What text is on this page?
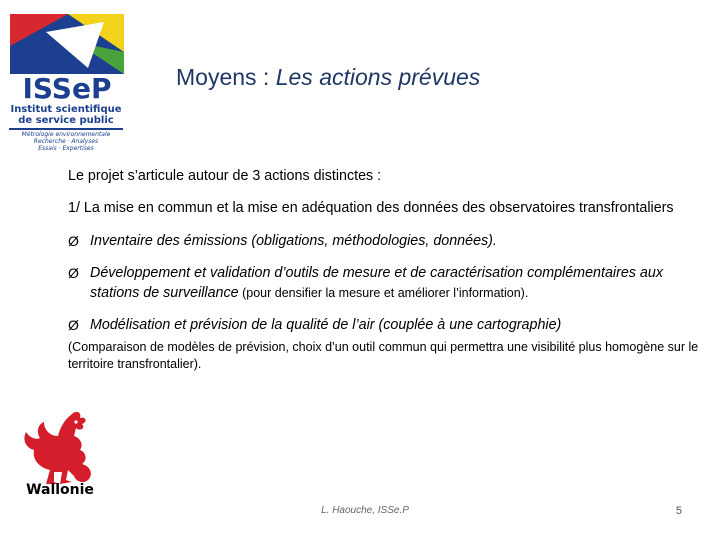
ISSeP
Institut scientifique
de service public
Métrologie environnementale
Recherche · Analyses
Essais · Expertises
Moyens : Les actions prévues

Le projet s’articule autour de 3 actions distinctes :

1/ La mise en commun et la mise en adéquation des données des observatoires transfrontaliers

Ø Inventaire des émissions (obligations, méthodologies, données).
Ø Développement et validation d’outils de mesure et de caractérisation complémentaires aux stations de surveillance (pour densifier la mesure et améliorer l’information).
Ø Modélisation et prévision de la qualité de l’air (couplée à une cartographie)

(Comparaison de modèles de prévision, choix d’un outil commun qui permettra une visibilité plus homogène sur le territoire transfrontalier).

Wallonie
L. Haouche, ISSe.P	5
